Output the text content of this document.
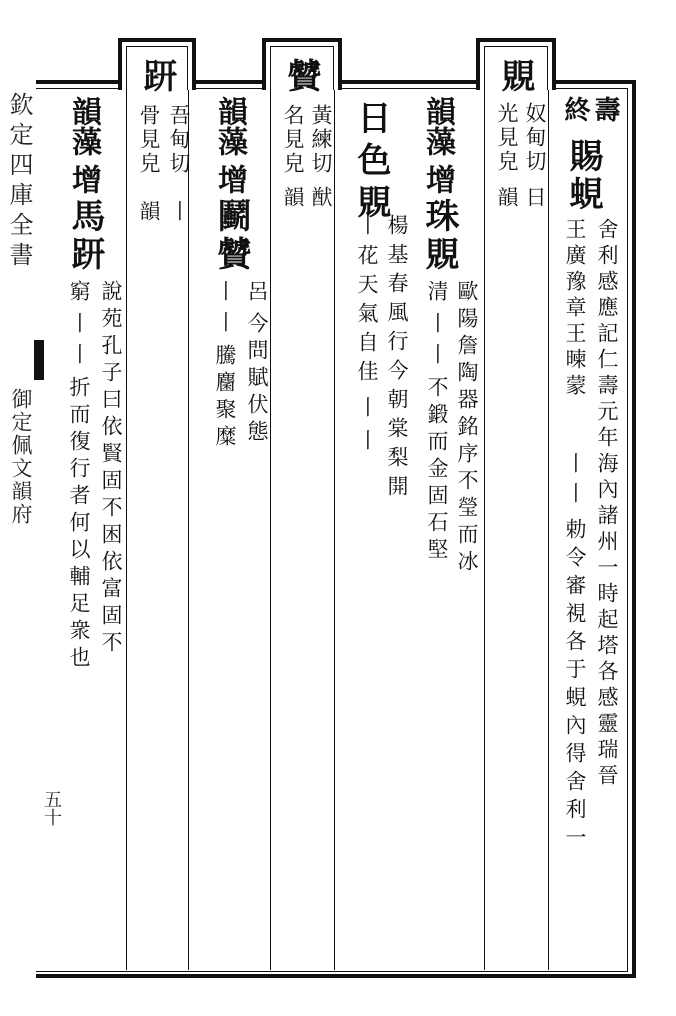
欽定四庫全書
御定佩文韻府
五十
覞
奴甸切
日
光見皃
韻
壽
終
賜
蜆
舍利感應記仁壽元年海內諸州一時起塔各感靈瑞晉
王廣豫章王暕蒙
丨
丨
勅令審視各于蜆內得舍利一
韻藻
增
珠
覞
歐陽詹陶器銘序不瑩而冰
清
丨丨
不鍛而金固石堅
日
色
覞
楊基春風行今朝棠梨開
丨
花天氣自佳
丨丨
贙
黃練切
猷
名見皃
韻
韻藻
增
鬬
贙
呂
丨丨
今問賦伏態
騰麕聚糜
趼
吾甸切
丨
骨見皃
韻
韻藻
增
馬
趼
說苑孔子曰依賢固不困依富固不
窮
丨丨
折而復行者何以輔足衆也
